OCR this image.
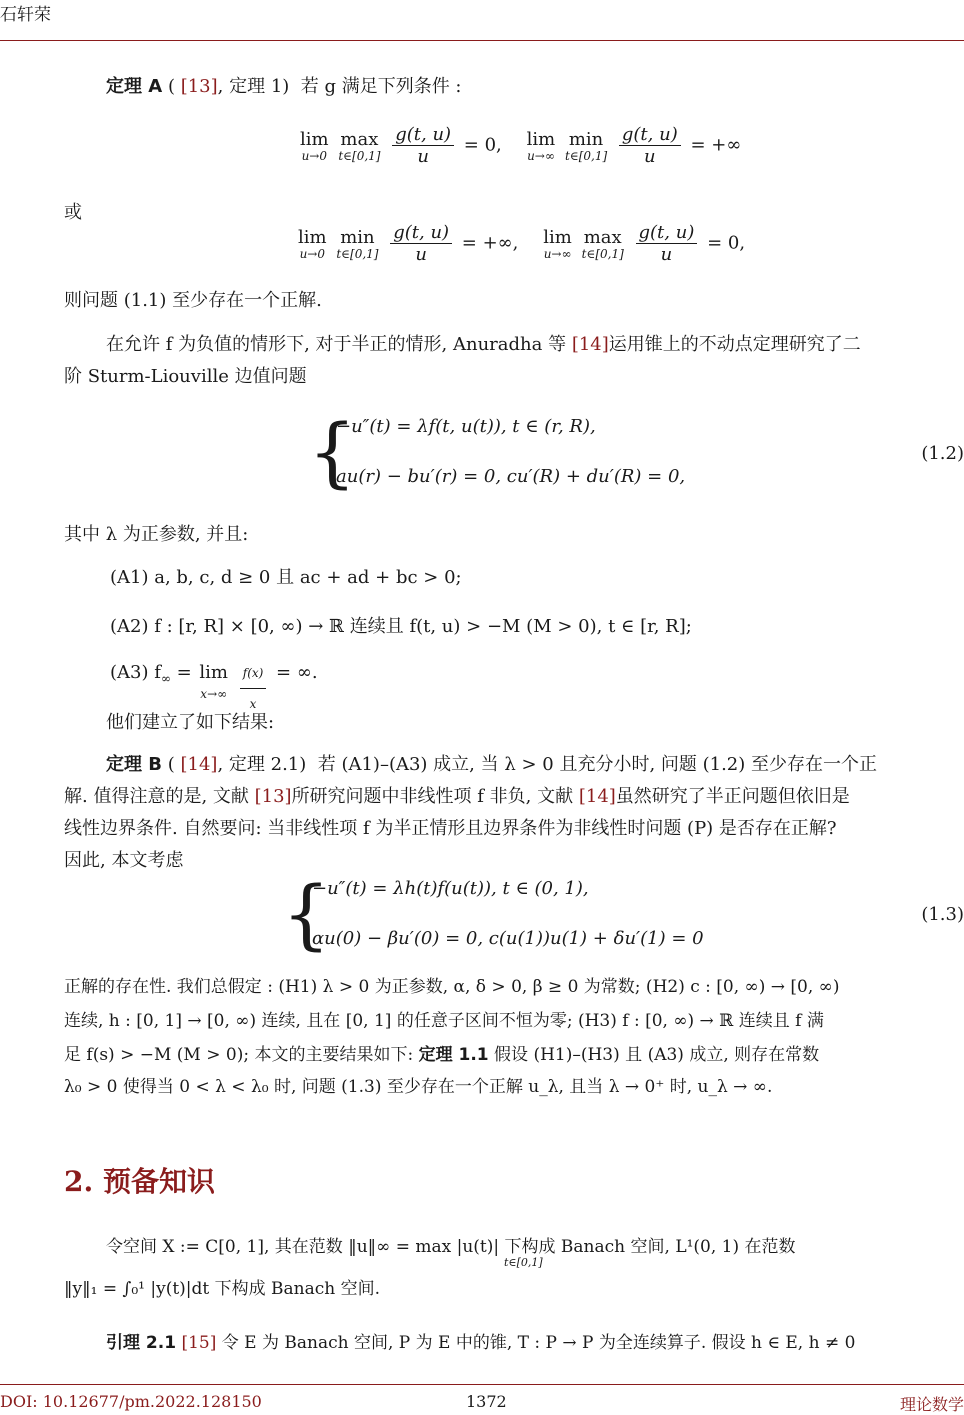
石轩荣
定理 A ( [13], 定理 1) 若 g 满足下列条件 :
lim
u→0
max
t∈[0,1]
$\frac{g(t, u)}{u} = 0$, lim
u→∞
min
t∈[0,1]
$\frac{g(t, u)}{u}$ = +∞
或
lim
u→0
min
t∈[0,1]
$\frac{g(t, u)}{u}$ = +∞, lim
u→∞
max
t∈[0,1]
$\frac{g(t, u)}{u} = 0$,
则问题 (1.1) 至少存在一个正解.
在允许 f 为负值的情形下, 对于半正的情形, Anuradha 等 [14]运用锥上的不动点定理研究了二
阶 Sturm-Liouville 边值问题
{
−u″(t) = λf(t, u(t)), t ∈ (r, R),
au(r) − bu′(r) = 0, cu′(R) + du′(R) = 0,
(1.2)
其中 λ 为正参数, 并且:
(A1) a, b, c, d ≥ 0 且 ac + ad + bc > 0;
(A2) f : [r, R] × [0, ∞) → ℝ 连续且 f(t, u) > −M (M > 0), t ∈ [r, R];
(A3) $f_\infty = \lim$
x→∞
$\frac{f(x)}{x}$ = ∞.
他们建立了如下结果:
定理 B ( [14], 定理 2.1) 若 (A1)–(A3) 成立, 当 λ > 0 且充分小时, 问题 (1.2) 至少存在一个正
解. 值得注意的是, 文献 [13]所研究问题中非线性项 f 非负, 文献 [14]虽然研究了半正问题但依旧是
线性边界条件. 自然要问: 当非线性项 f 为半正情形且边界条件为非线性时问题 (P) 是否存在正解?
因此, 本文考虑
{
−u″(t) = λh(t)f(u(t)), t ∈ (0, 1),
αu(0) − βu′(0) = 0, c(u(1))u(1) + δu′(1) = 0
(1.3)
正解的存在性. 我们总假定 : (H1) λ > 0 为正参数, α, δ > 0, β ≥ 0 为常数; (H2) c : [0, ∞) → [0, ∞)
连续, h : [0, 1] → [0, ∞) 连续, 且在 [0, 1] 的任意子区间不恒为零; (H3) f : [0, ∞) → ℝ 连续且 f 满
足 f(s) > −M (M > 0); 本文的主要结果如下: 定理 1.1 假设 (H1)–(H3) 且 (A3) 成立, 则存在常数
λ₀ > 0 使得当 0 < λ < λ₀ 时, 问题 (1.3) 至少存在一个正解 u_λ, 且当 λ → 0⁺ 时, u_λ → ∞.
2. 预备知识
令空间 X := C[0, 1], 其在范数 ‖u‖∞ = max |u(t)| 下构成 Banach 空间, L¹(0, 1) 在范数
t∈[0,1]
‖y‖₁ = ∫₀¹ |y(t)|dt 下构成 Banach 空间.
引理 2.1 [15] 令 E 为 Banach 空间, P 为 E 中的锥, T : P → P 为全连续算子. 假设 h ∈ E, h ≠ 0
DOI: 10.12677/pm.2022.128150	1372	理论数学
